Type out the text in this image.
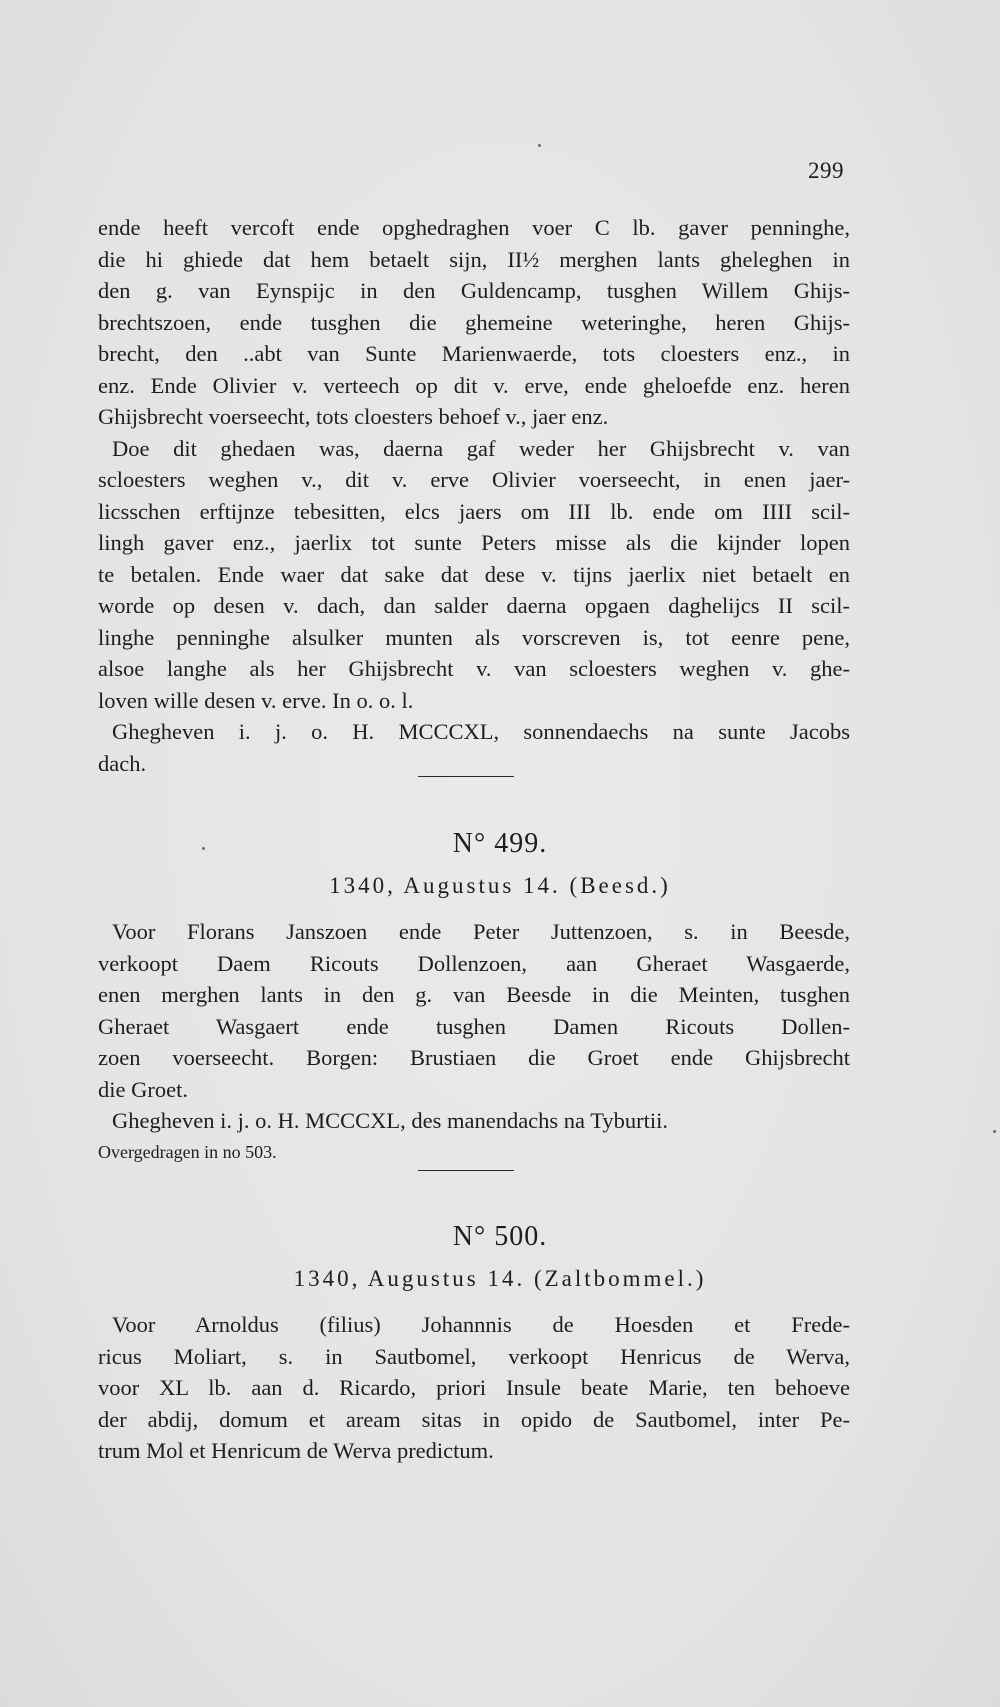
299
ende heeft vercoft ende opghedraghen voer C lb. gaver penninghe,
die hi ghiede dat hem betaelt sijn, II½ merghen lants gheleghen in
den g. van Eynspijc in den Guldencamp, tusghen Willem Ghijs-
brechtszoen, ende tusghen die ghemeine weteringhe, heren Ghijs-
brecht, den ..abt van Sunte Marienwaerde, tots cloesters enz., in
enz. Ende Olivier v. verteech op dit v. erve, ende gheloefde enz. heren
Ghijsbrecht voerseecht, tots cloesters behoef v., jaer enz.
Doe dit ghedaen was, daerna gaf weder her Ghijsbrecht v. van
scloesters weghen v., dit v. erve Olivier voerseecht, in enen jaer-
licsschen erftijnze tebesitten, elcs jaers om III lb. ende om IIII scil-
lingh gaver enz., jaerlix tot sunte Peters misse als die kijnder lopen
te betalen. Ende waer dat sake dat dese v. tijns jaerlix niet betaelt en
worde op desen v. dach, dan salder daerna opgaen daghelijcs II scil-
linghe penninghe alsulker munten als vorscreven is, tot eenre pene,
alsoe langhe als her Ghijsbrecht v. van scloesters weghen v. ghe-
loven wille desen v. erve. In o. o. l.
Ghegheven i. j. o. H. MCCCXL, sonnendaechs na sunte Jacobs
dach.
N° 499.
1340, Augustus 14. (Beesd.)
Voor Florans Janszoen ende Peter Juttenzoen, s. in Beesde,
verkoopt Daem Ricouts Dollenzoen, aan Gheraet Wasgaerde,
enen merghen lants in den g. van Beesde in die Meinten, tusghen
Gheraet Wasgaert ende tusghen Damen Ricouts Dollen-
zoen voerseecht. Borgen: Brustiaen die Groet ende Ghijsbrecht
die Groet.
Ghegheven i. j. o. H. MCCCXL, des manendachs na Tyburtii.
Overgedragen in no 503.
N° 500.
1340, Augustus 14. (Zaltbommel.)
Voor Arnoldus (filius) Johannnis de Hoesden et Frede-
ricus Moliart, s. in Sautbomel, verkoopt Henricus de Werva,
voor XL lb. aan d. Ricardo, priori Insule beate Marie, ten behoeve
der abdij, domum et aream sitas in opido de Sautbomel, inter Pe-
trum Mol et Henricum de Werva predictum.
